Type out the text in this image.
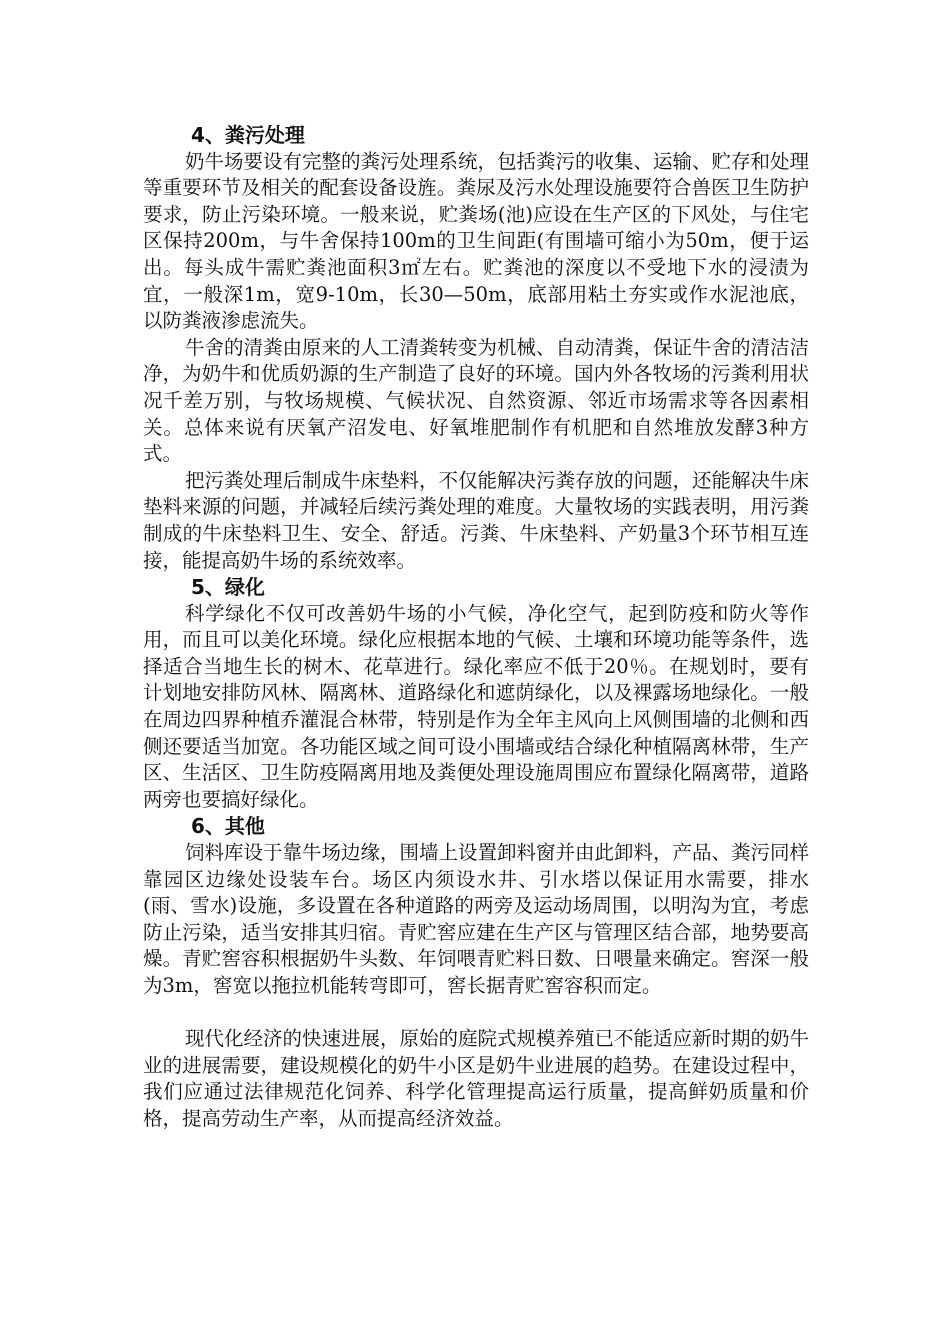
4、粪污处理

奶牛场要设有完整的粪污处理系统，包括粪污的收集、运输、贮存和处理等重要环节及相关的配套设备设旌。粪尿及污水处理设施要符合兽医卫生防护要求，防止污染环境。一般来说，贮粪场(池)应设在生产区的下风处，与住宅区保持200m，与牛舍保持100m的卫生间距(有围墙可缩小为50m，便于运出。每头成牛需贮粪池面积3㎡左右。贮粪池的深度以不受地下水的浸渍为宜，一般深1m，宽9-10m，长30—50m，底部用粘土夯实或作水泥池底，以防粪液渗虑流失。

牛舍的清粪由原来的人工清粪转变为机械、自动清粪，保证牛舍的清洁洁净，为奶牛和优质奶源的生产制造了良好的环境。国内外各牧场的污粪利用状况千差万别，与牧场规模、气候状况、自然资源、邻近市场需求等各因素相关。总体来说有厌氧产沼发电、好氧堆肥制作有机肥和自然堆放发酵3种方式。

把污粪处理后制成牛床垫料，不仅能解决污粪存放的问题，还能解决牛床垫料来源的问题，并减轻后续污粪处理的难度。大量牧场的实践表明，用污粪制成的牛床垫料卫生、安全、舒适。污粪、牛床垫料、产奶量3个环节相互连接，能提高奶牛场的系统效率。

5、绿化

科学绿化不仅可改善奶牛场的小气候，净化空气，起到防疫和防火等作用，而且可以美化环境。绿化应根据本地的气候、土壤和环境功能等条件，选择适合当地生长的树木、花草进行。绿化率应不低于20％。在规划时，要有计划地安排防风林、隔离林、道路绿化和遮荫绿化，以及裸露场地绿化。一般在周边四界种植乔灌混合林带，特别是作为全年主风向上风侧围墙的北侧和西侧还要适当加宽。各功能区域之间可设小围墙或结合绿化种植隔离林带，生产区、生活区、卫生防疫隔离用地及粪便处理设施周围应布置绿化隔离带，道路两旁也要搞好绿化。

6、其他

饲料库设于靠牛场边缘，围墙上设置卸料窗并由此卸料，产品、粪污同样靠园区边缘处设装车台。场区内须设水井、引水塔以保证用水需要，排水(雨、雪水)设施，多设置在各种道路的两旁及运动场周围，以明沟为宜，考虑防止污染，适当安排其归宿。青贮窖应建在生产区与管理区结合部，地势要高燥。青贮窖容积根据奶牛头数、年饲喂青贮料日数、日喂量来确定。窖深一般为3m，窖宽以拖拉机能转弯即可，窖长据青贮窖容积而定。

现代化经济的快速进展，原始的庭院式规模养殖已不能适应新时期的奶牛业的进展需要，建设规模化的奶牛小区是奶牛业进展的趋势。在建设过程中，我们应通过法律规范化饲养、科学化管理提高运行质量，提高鲜奶质量和价格，提高劳动生产率，从而提高经济效益。
